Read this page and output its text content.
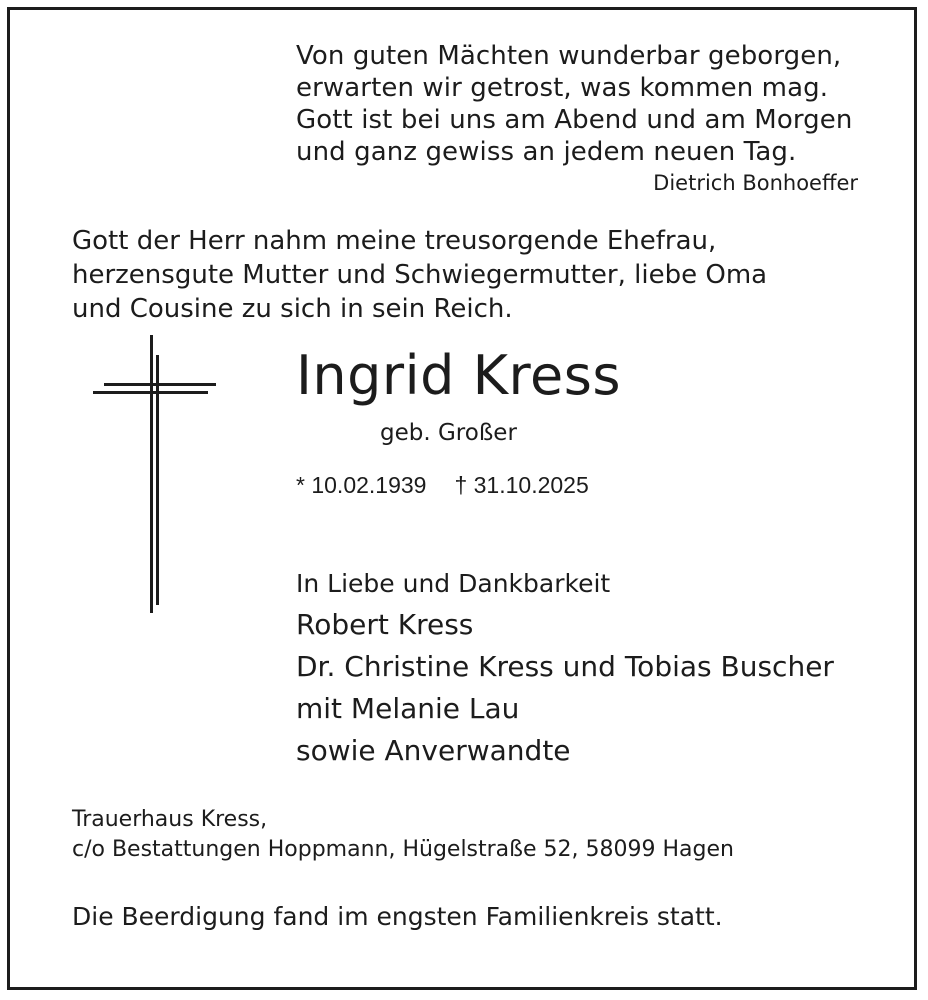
Von guten Mächten wunderbar geborgen,
erwarten wir getrost, was kommen mag.
Gott ist bei uns am Abend und am Morgen
und ganz gewiss an jedem neuen Tag.
Dietrich Bonhoeffer
Gott der Herr nahm meine treusorgende Ehefrau,
herzensgute Mutter und Schwiegermutter, liebe Oma
und Cousine zu sich in sein Reich.
Ingrid Kress
geb. Großer
* 10.02.1939 † 31.10.2025
In Liebe und Dankbarkeit
Robert Kress
Dr. Christine Kress und Tobias Buscher
mit Melanie Lau
sowie Anverwandte
Trauerhaus Kress,
c/o Bestattungen Hoppmann, Hügelstraße 52, 58099 Hagen
Die Beerdigung fand im engsten Familienkreis statt.
